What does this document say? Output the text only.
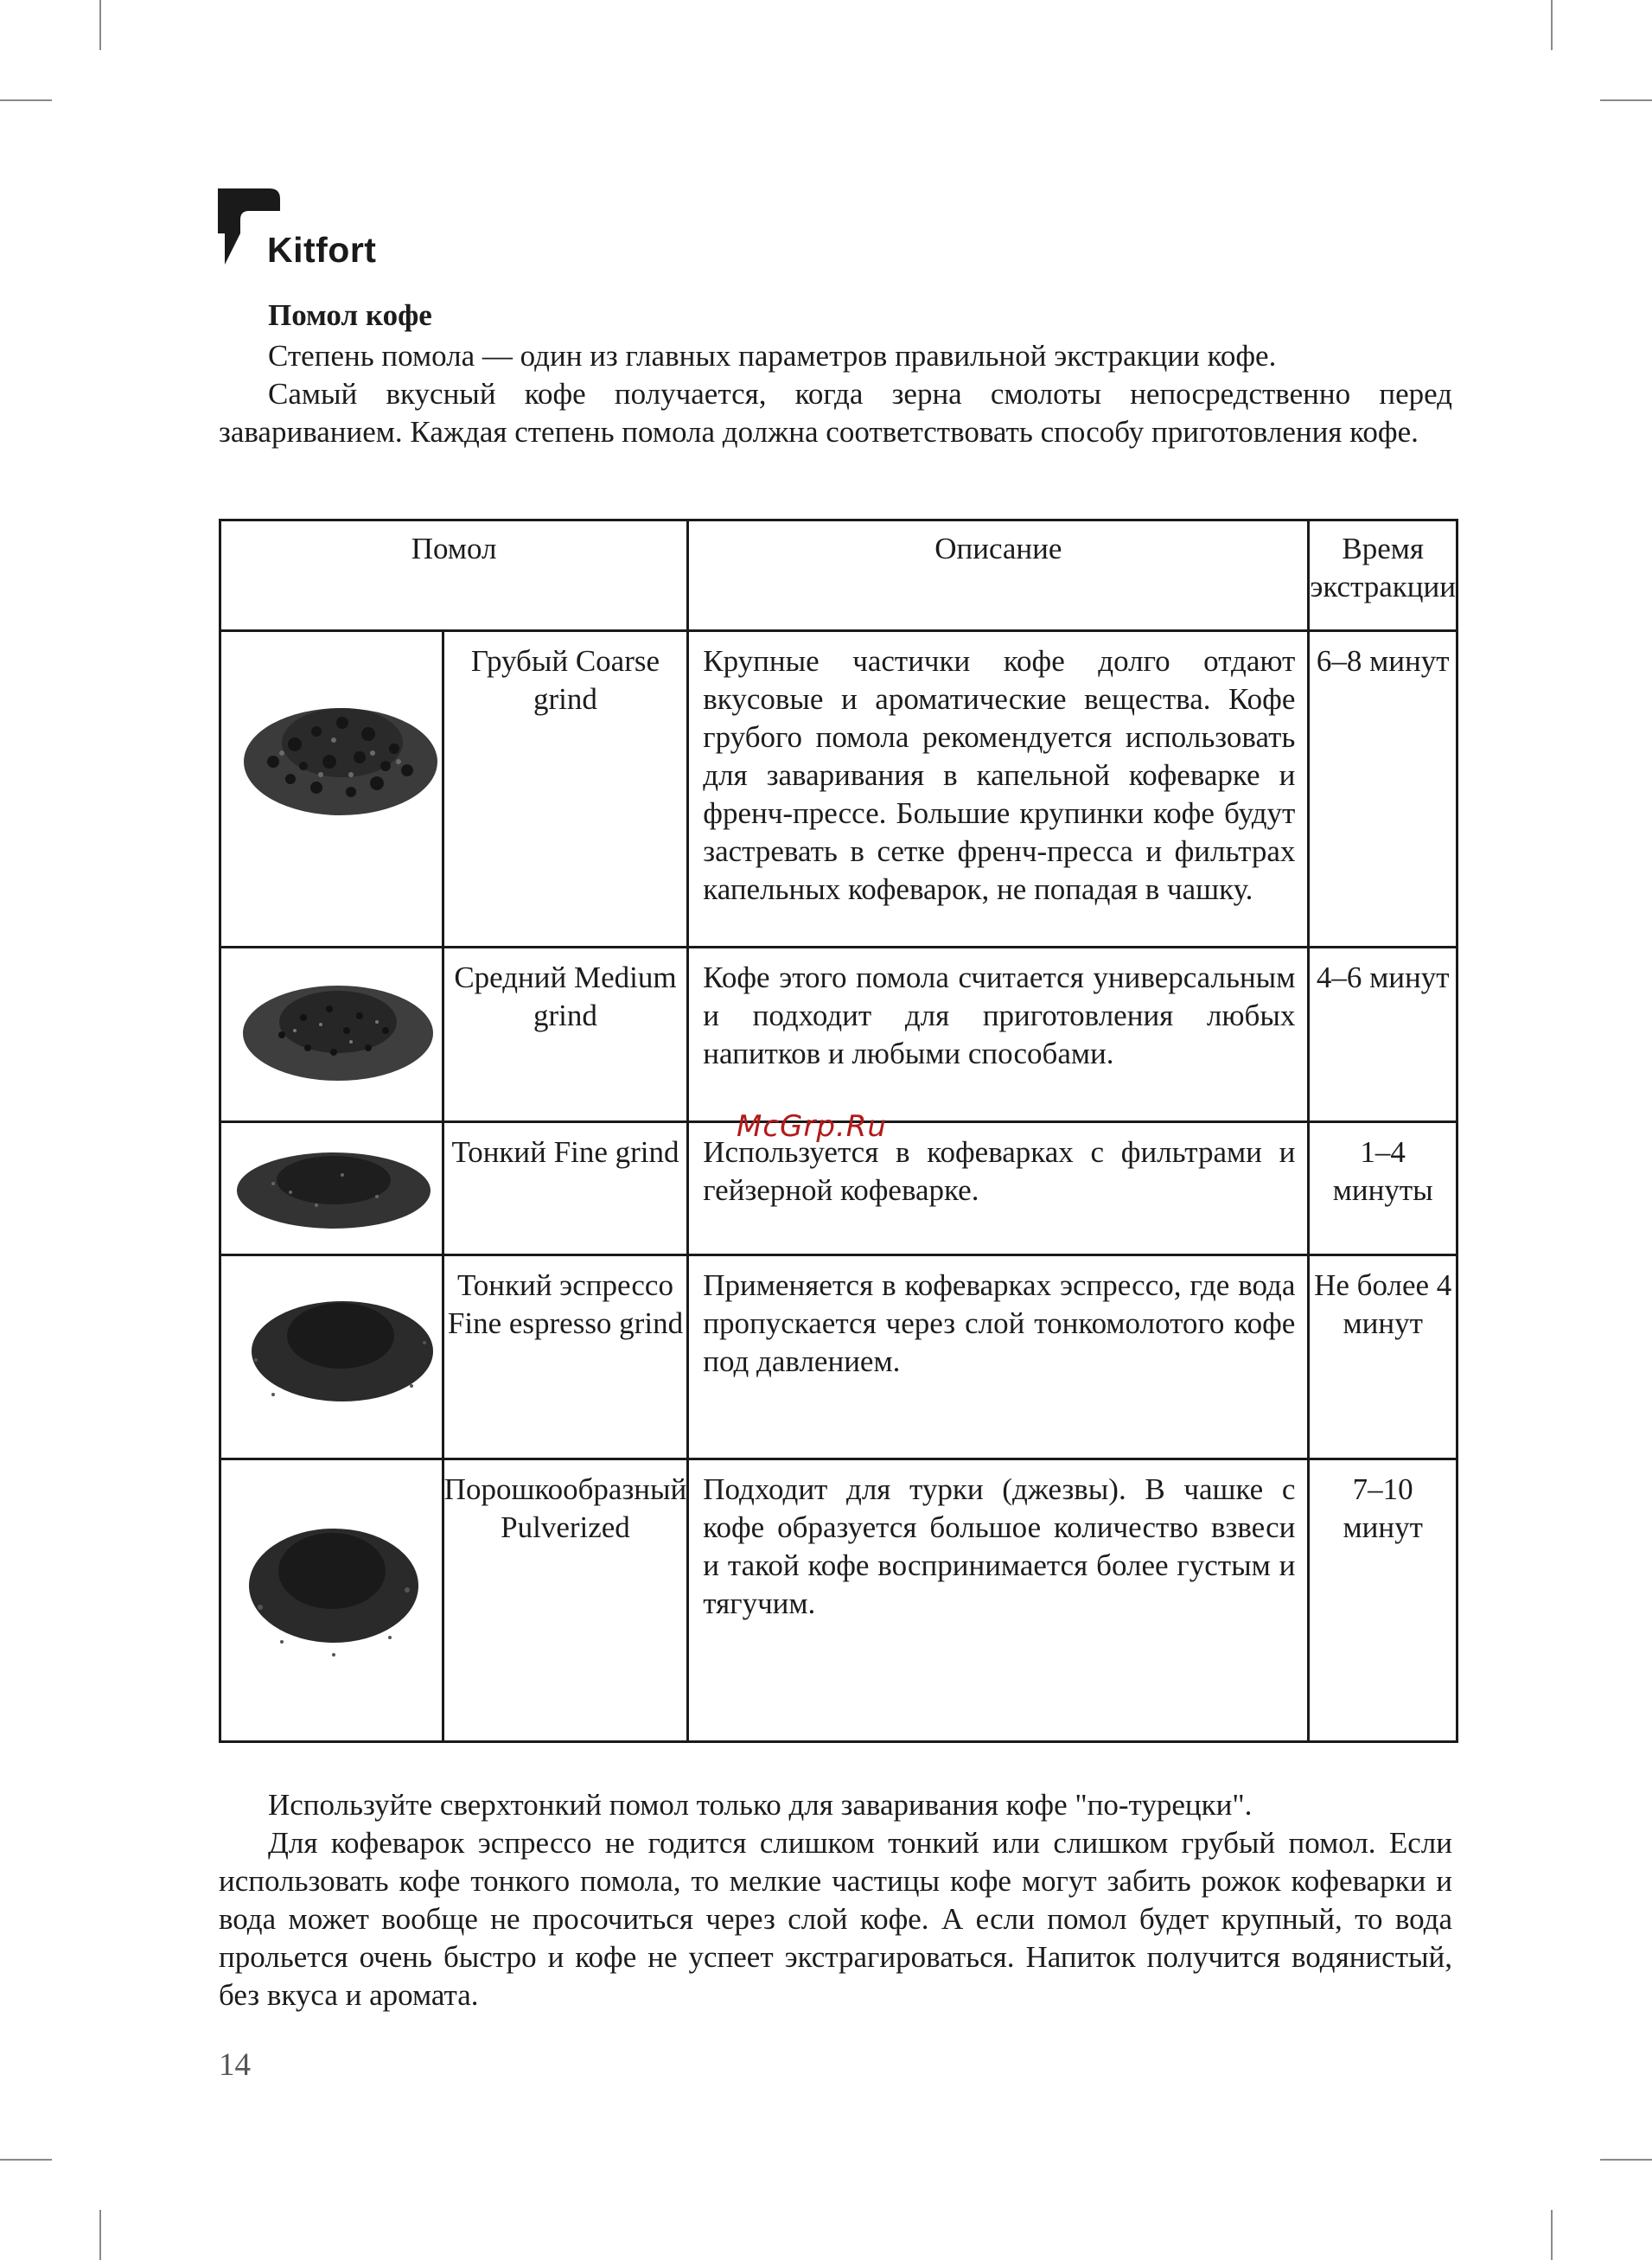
Kitfort
Помол кофе

Степень помола — один из главных параметров правильной экстракции кофе.

Самый вкусный кофе получается, когда зерна смолоты непосредственно перед завариванием. Каждая степень помола должна соответствовать способу приготовления кофе.

Помол		Описание	Время экстракции

	Грубый Coarse grind	Крупные частички кофе долго отдают вкусовые и ароматические вещества. Кофе грубого помола рекомендуется использовать для заваривания в капельной кофеварке и френч-прессе. Большие крупинки кофе будут застревать в сетке френч-пресса и фильтрах капельных кофеварок, не попадая в чашку.	6–8 минут

	Средний Medium grind	Кофе этого помола считается универсальным и подходит для приготовления любых напитков и любыми способами.	4–6 минут

	Тонкий Fine grind	Используется в кофеварках с фильтрами и гейзерной кофеварке.	1–4 минуты

	Тонкий эспрессо Fine espresso grind	Применяется в кофеварках эспрессо, где вода пропускается через слой тонкомолотого кофе под давлением.	Не более 4 минут

	Порошкообразный Pulverized	Подходит для турки (джезвы). В чашке с кофе образуется большое количество взвеси и такой кофе воспринимается более густым и тягучим.	7–10 минут
McGrp.Ru

Используйте сверхтонкий помол только для заваривания кофе "по-турецки".

Для кофеварок эспрессо не годится слишком тонкий или слишком грубый помол. Если использовать кофе тонкого помола, то мелкие частицы кофе могут забить рожок кофеварки и вода может вообще не просочиться через слой кофе. А если помол будет крупный, то вода прольется очень быстро и кофе не успеет экстрагироваться. Напиток получится водянистый, без вкуса и аромата.

14
